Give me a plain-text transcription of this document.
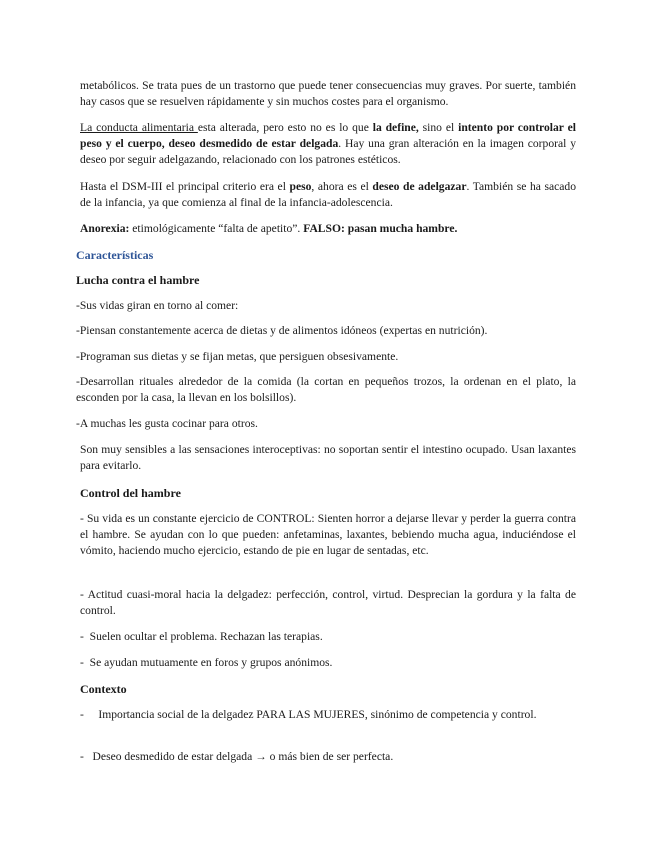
metabólicos. Se trata pues de un trastorno que puede tener consecuencias muy graves. Por suerte, también hay casos que se resuelven rápidamente y sin muchos costes para el organismo.

La conducta alimentaria esta alterada, pero esto no es lo que la define, sino el intento por controlar el peso y el cuerpo, deseo desmedido de estar delgada. Hay una gran alteración en la imagen corporal y deseo por seguir adelgazando, relacionado con los patrones estéticos.

Hasta el DSM-III el principal criterio era el peso, ahora es el deseo de adelgazar. También se ha sacado de la infancia, ya que comienza al final de la infancia-adolescencia.

Anorexia: etimológicamente “falta de apetito”. FALSO: pasan mucha hambre.

Características

Lucha contra el hambre

-Sus vidas giran en torno al comer:

-Piensan constantemente acerca de dietas y de alimentos idóneos (expertas en nutrición).

-Programan sus dietas y se fijan metas, que persiguen obsesivamente.

-Desarrollan rituales alrededor de la comida (la cortan en pequeños trozos, la ordenan en el plato, la esconden por la casa, la llevan en los bolsillos).

-A muchas les gusta cocinar para otros.

Son muy sensibles a las sensaciones interoceptivas: no soportan sentir el intestino ocupado. Usan laxantes para evitarlo.

Control del hambre

- Su vida es un constante ejercicio de CONTROL: Sienten horror a dejarse llevar y perder la guerra contra el hambre. Se ayudan con lo que pueden: anfetaminas, laxantes, bebiendo mucha agua, induciéndose el vómito, haciendo mucho ejercicio, estando de pie en lugar de sentadas, etc.

- Actitud cuasi-moral hacia la delgadez: perfección, control, virtud. Desprecian la gordura y la falta de control.

-  Suelen ocultar el problema. Rechazan las terapias.

-  Se ayudan mutuamente en foros y grupos anónimos.

Contexto

-     Importancia social de la delgadez PARA LAS MUJERES, sinónimo de competencia y control.

-   Deseo desmedido de estar delgada → o más bien de ser perfecta.
